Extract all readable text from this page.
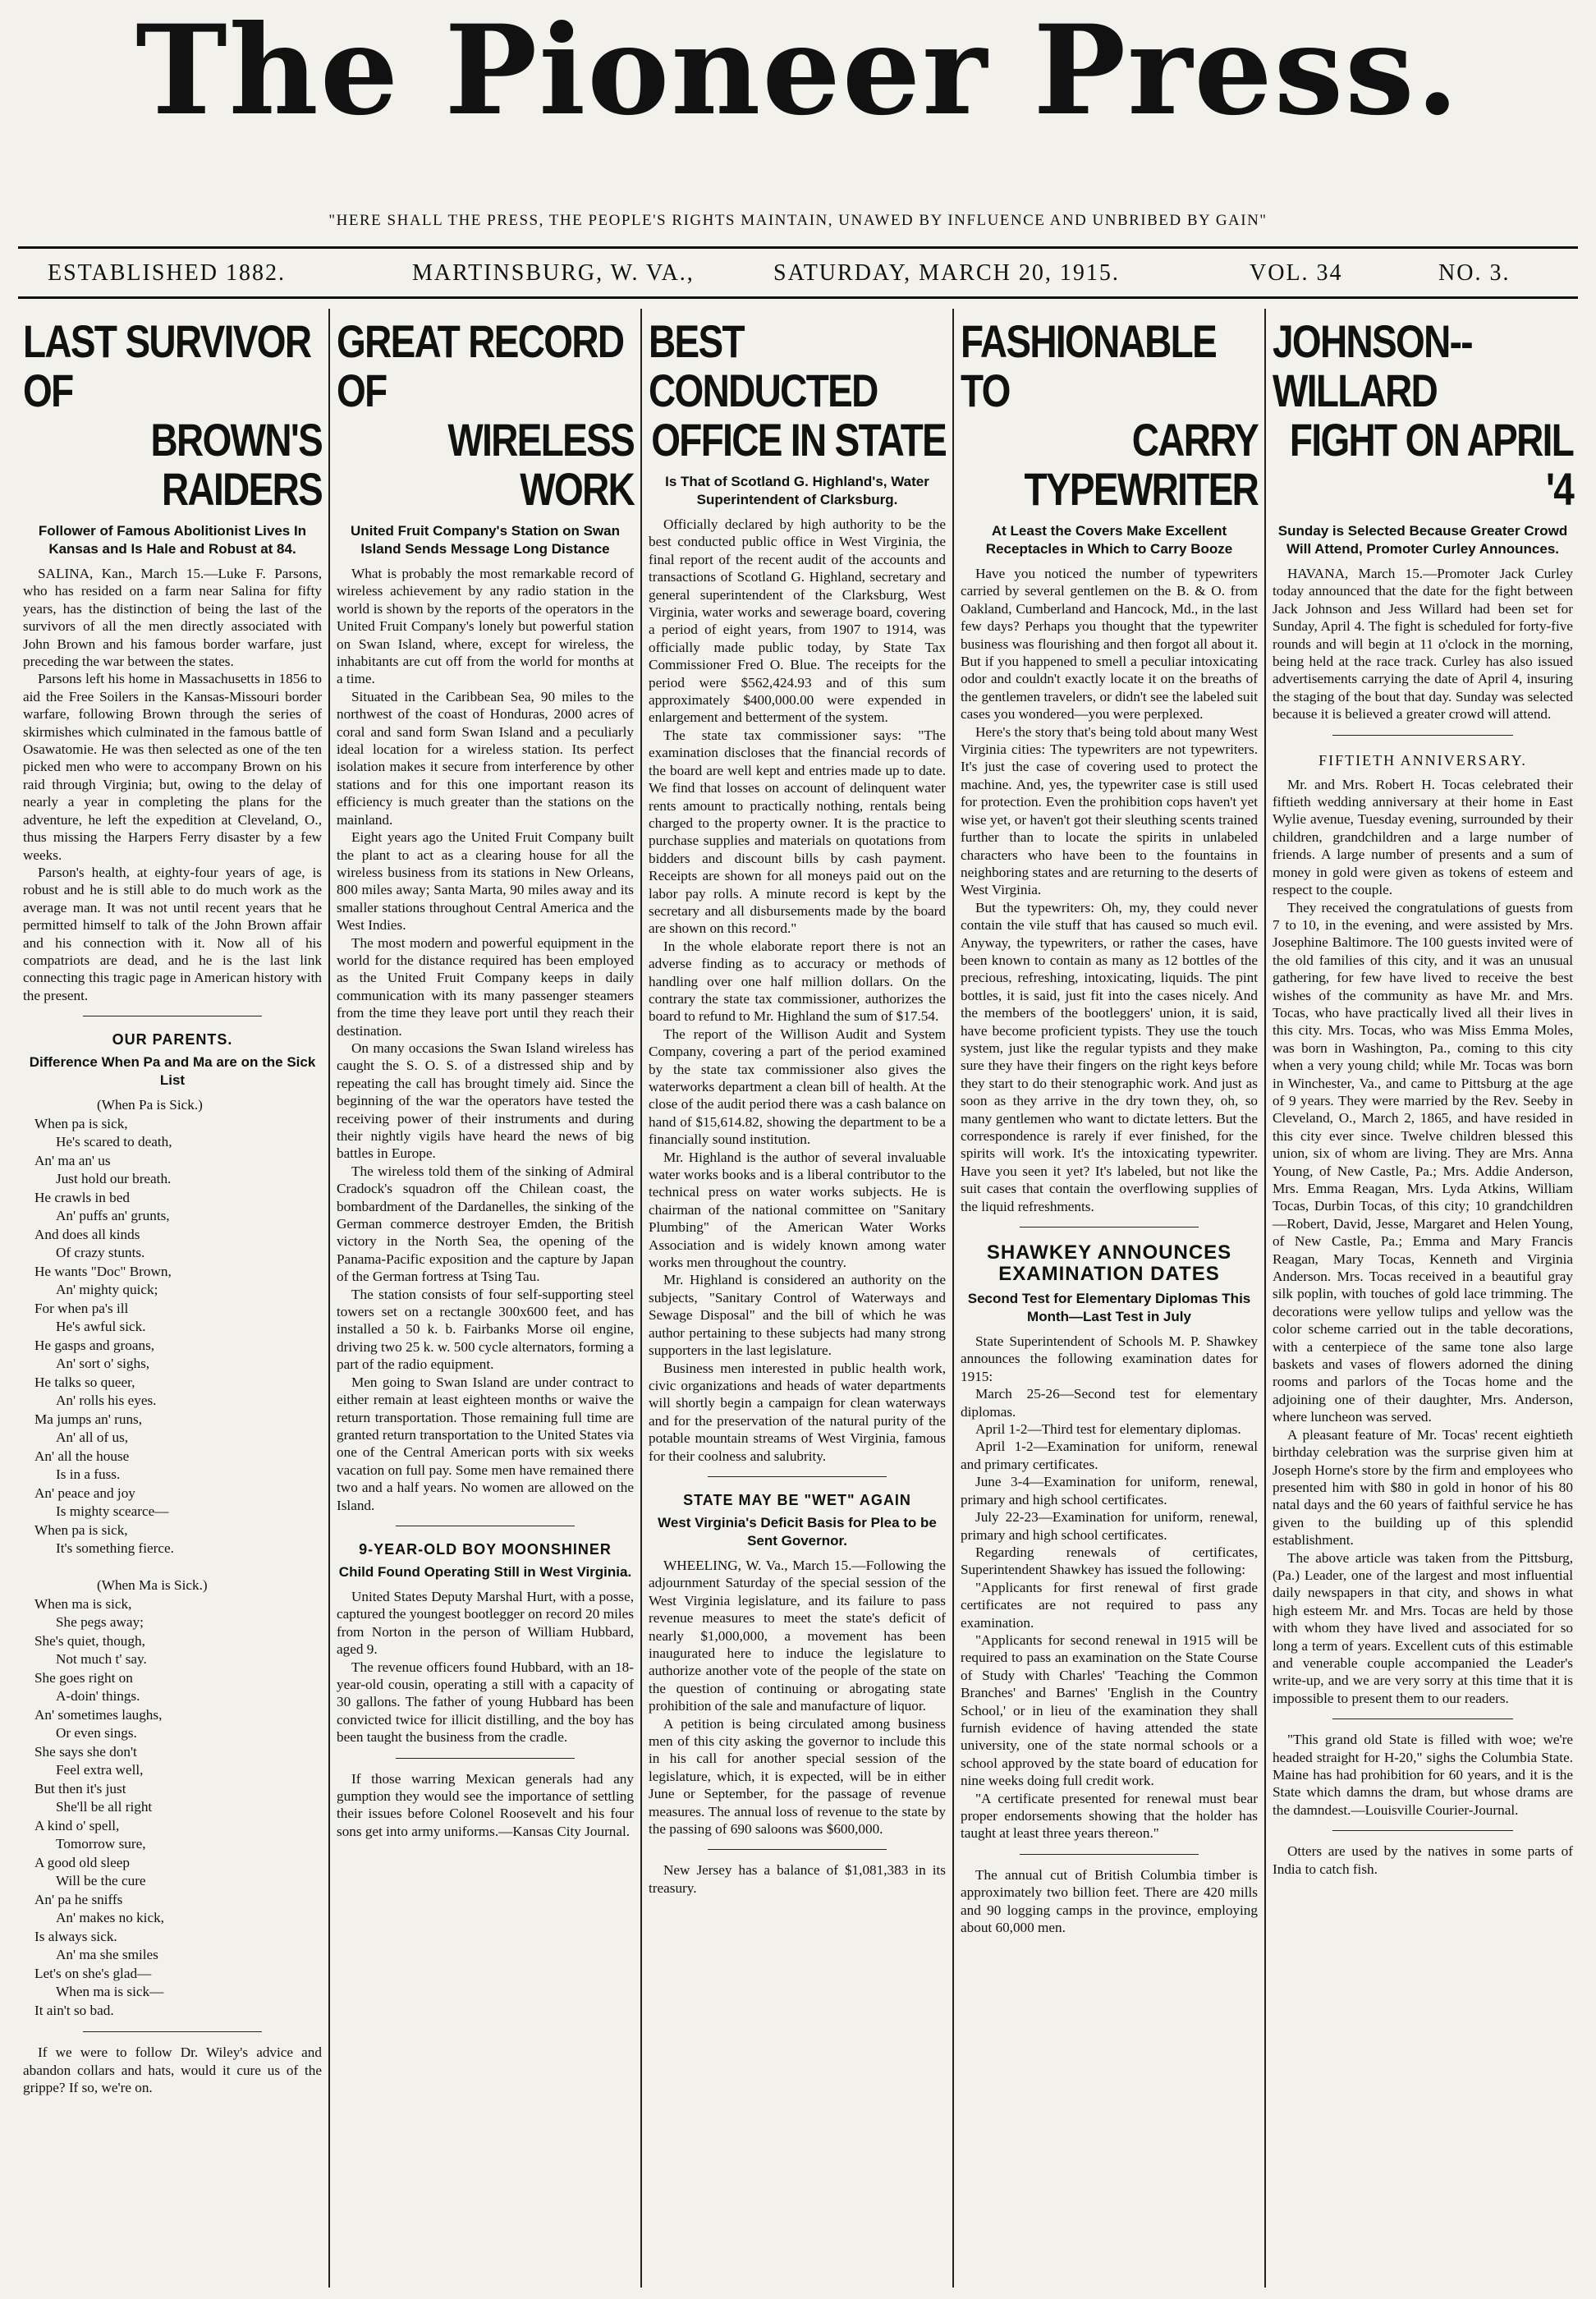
The Pioneer Press.
"HERE SHALL THE PRESS, THE PEOPLE'S RIGHTS MAINTAIN, UNAWED BY INFLUENCE AND UNBRIBED BY GAIN"
ESTABLISHED 1882.	MARTINSBURG, W. VA.,	SATURDAY, MARCH 20, 1915.	VOL. 34	NO. 3.
LAST SURVIVOR OF
BROWN'S RAIDERS
Follower of Famous Abolitionist Lives In Kansas and Is Hale and Robust at 84.

SALINA, Kan., March 15.—Luke F. Parsons, who has resided on a farm near Salina for fifty years, has the distinction of being the last of the survivors of all the men directly associated with John Brown and his famous border warfare, just preceding the war between the states.

Parsons left his home in Massachusetts in 1856 to aid the Free Soilers in the Kansas-Missouri border warfare, following Brown through the series of skirmishes which culminated in the famous battle of Osawatomie. He was then selected as one of the ten picked men who were to accompany Brown on his raid through Virginia; but, owing to the delay of nearly a year in completing the plans for the adventure, he left the expedition at Cleveland, O., thus missing the Harpers Ferry disaster by a few weeks.

Parson's health, at eighty-four years of age, is robust and he is still able to do much work as the average man. It was not until recent years that he permitted himself to talk of the John Brown affair and his connection with it. Now all of his compatriots are dead, and he is the last link connecting this tragic page in American history with the present.

OUR PARENTS.
Difference When Pa and Ma are on the Sick List
(When Pa is Sick.)
When pa is sick,
He's scared to death,
An' ma an' us
Just hold our breath.
He crawls in bed
An' puffs an' grunts,
And does all kinds
Of crazy stunts.
He wants "Doc" Brown,
An' mighty quick;
For when pa's ill
He's awful sick.
He gasps and groans,
An' sort o' sighs,
He talks so queer,
An' rolls his eyes.
Ma jumps an' runs,
An' all of us,
An' all the house
Is in a fuss.
An' peace and joy
Is mighty scearce—
When pa is sick,
It's something fierce.

(When Ma is Sick.)
When ma is sick,
She pegs away;
She's quiet, though,
Not much t' say.
She goes right on
A-doin' things.
An' sometimes laughs,
Or even sings.
She says she don't
Feel extra well,
But then it's just
She'll be all right
A kind o' spell,
Tomorrow sure,
A good old sleep
Will be the cure
An' pa he sniffs
An' makes no kick,
Is always sick.
An' ma she smiles
Let's on she's glad—
When ma is sick—
It ain't so bad.

If we were to follow Dr. Wiley's advice and abandon collars and hats, would it cure us of the grippe? If so, we're on.

GREAT RECORD OF
WIRELESS WORK
United Fruit Company's Station on Swan Island Sends Message Long Distance

What is probably the most remarkable record of wireless achievement by any radio station in the world is shown by the reports of the operators in the United Fruit Company's lonely but powerful station on Swan Island, where, except for wireless, the inhabitants are cut off from the world for months at a time.

Situated in the Caribbean Sea, 90 miles to the northwest of the coast of Honduras, 2000 acres of coral and sand form Swan Island and a peculiarly ideal location for a wireless station. Its perfect isolation makes it secure from interference by other stations and for this one important reason its efficiency is much greater than the stations on the mainland.

Eight years ago the United Fruit Company built the plant to act as a clearing house for all the wireless business from its stations in New Orleans, 800 miles away; Santa Marta, 90 miles away and its smaller stations throughout Central America and the West Indies.

The most modern and powerful equipment in the world for the distance required has been employed as the United Fruit Company keeps in daily communication with its many passenger steamers from the time they leave port until they reach their destination.

On many occasions the Swan Island wireless has caught the S. O. S. of a distressed ship and by repeating the call has brought timely aid. Since the beginning of the war the operators have tested the receiving power of their instruments and during their nightly vigils have heard the news of big battles in Europe.

The wireless told them of the sinking of Admiral Cradock's squadron off the Chilean coast, the bombardment of the Dardanelles, the sinking of the German commerce destroyer Emden, the British victory in the North Sea, the opening of the Panama-Pacific exposition and the capture by Japan of the German fortress at Tsing Tau.

The station consists of four self-supporting steel towers set on a rectangle 300x600 feet, and has installed a 50 k. b. Fairbanks Morse oil engine, driving two 25 k. w. 500 cycle alternators, forming a part of the radio equipment.

Men going to Swan Island are under contract to either remain at least eighteen months or waive the return transportation. Those remaining full time are granted return transportation to the United States via one of the Central American ports with six weeks vacation on full pay. Some men have remained there two and a half years. No women are allowed on the Island.

9-YEAR-OLD BOY MOONSHINER
Child Found Operating Still in West Virginia.

United States Deputy Marshal Hurt, with a posse, captured the youngest bootlegger on record 20 miles from Norton in the person of William Hubbard, aged 9.

The revenue officers found Hubbard, with an 18-year-old cousin, operating a still with a capacity of 30 gallons. The father of young Hubbard has been convicted twice for illicit distilling, and the boy has been taught the business from the cradle.

If those warring Mexican generals had any gumption they would see the importance of settling their issues before Colonel Roosevelt and his four sons get into army uniforms.—Kansas City Journal.

BEST CONDUCTED
OFFICE IN STATE
Is That of Scotland G. Highland's, Water Superintendent of Clarksburg.

Officially declared by high authority to be the best conducted public office in West Virginia, the final report of the recent audit of the accounts and transactions of Scotland G. Highland, secretary and general superintendent of the Clarksburg, West Virginia, water works and sewerage board, covering a period of eight years, from 1907 to 1914, was officially made public today, by State Tax Commissioner Fred O. Blue. The receipts for the period were $562,424.93 and of this sum approximately $400,000.00 were expended in enlargement and betterment of the system.

The state tax commissioner says: "The examination discloses that the financial records of the board are well kept and entries made up to date. We find that losses on account of delinquent water rents amount to practically nothing, rentals being charged to the property owner. It is the practice to purchase supplies and materials on quotations from bidders and discount bills by cash payment. Receipts are shown for all moneys paid out on the labor pay rolls. A minute record is kept by the secretary and all disbursements made by the board are shown on this record."

In the whole elaborate report there is not an adverse finding as to accuracy or methods of handling over one half million dollars. On the contrary the state tax commissioner, authorizes the board to refund to Mr. Highland the sum of $17.54.

The report of the Willison Audit and System Company, covering a part of the period examined by the state tax commissioner also gives the waterworks department a clean bill of health. At the close of the audit period there was a cash balance on hand of $15,614.82, showing the department to be a financially sound institution.

Mr. Highland is the author of several invaluable water works books and is a liberal contributor to the technical press on water works subjects. He is chairman of the national committee on "Sanitary Plumbing" of the American Water Works Association and is widely known among water works men throughout the country.

Mr. Highland is considered an authority on the subjects, "Sanitary Control of Waterways and Sewage Disposal" and the bill of which he was author pertaining to these subjects had many strong supporters in the last legislature.

Business men interested in public health work, civic organizations and heads of water departments will shortly begin a campaign for clean waterways and for the preservation of the natural purity of the potable mountain streams of West Virginia, famous for their coolness and salubrity.

STATE MAY BE "WET" AGAIN
West Virginia's Deficit Basis for Plea to be Sent Governor.

WHEELING, W. Va., March 15.—Following the adjournment Saturday of the special session of the West Virginia legislature, and its failure to pass revenue measures to meet the state's deficit of nearly $1,000,000, a movement has been inaugurated here to induce the legislature to authorize another vote of the people of the state on the question of continuing or abrogating state prohibition of the sale and manufacture of liquor.

A petition is being circulated among business men of this city asking the governor to include this in his call for another special session of the legislature, which, it is expected, will be in either June or September, for the passage of revenue measures. The annual loss of revenue to the state by the passing of 690 saloons was $600,000.

New Jersey has a balance of $1,081,383 in its treasury.

FASHIONABLE TO
CARRY TYPEWRITER
At Least the Covers Make Excellent Receptacles in Which to Carry Booze

Have you noticed the number of typewriters carried by several gentlemen on the B. & O. from Oakland, Cumberland and Hancock, Md., in the last few days? Perhaps you thought that the typewriter business was flourishing and then forgot all about it. But if you happened to smell a peculiar intoxicating odor and couldn't exactly locate it on the breaths of the gentlemen travelers, or didn't see the labeled suit cases you wondered—you were perplexed.

Here's the story that's being told about many West Virginia cities: The typewriters are not typewriters. It's just the case of covering used to protect the machine. And, yes, the typewriter case is still used for protection. Even the prohibition cops haven't yet wise yet, or haven't got their sleuthing scents trained further than to locate the spirits in unlabeled characters who have been to the fountains in neighboring states and are returning to the deserts of West Virginia.

But the typewriters: Oh, my, they could never contain the vile stuff that has caused so much evil. Anyway, the typewriters, or rather the cases, have been known to contain as many as 12 bottles of the precious, refreshing, intoxicating, liquids. The pint bottles, it is said, just fit into the cases nicely. And the members of the bootleggers' union, it is said, have become proficient typists. They use the touch system, just like the regular typists and they make sure they have their fingers on the right keys before they start to do their stenographic work. And just as soon as they arrive in the dry town they, oh, so many gentlemen who want to dictate letters. But the correspondence is rarely if ever finished, for the spirits will work. It's the intoxicating typewriter. Have you seen it yet? It's labeled, but not like the suit cases that contain the overflowing supplies of the liquid refreshments.

SHAWKEY ANNOUNCES EXAMINATION DATES
Second Test for Elementary Diplomas This Month—Last Test in July

State Superintendent of Schools M. P. Shawkey announces the following examination dates for 1915:

March 25-26—Second test for elementary diplomas.

April 1-2—Third test for elementary diplomas.

April 1-2—Examination for uniform, renewal and primary certificates.

June 3-4—Examination for uniform, renewal, primary and high school certificates.

July 22-23—Examination for uniform, renewal, primary and high school certificates.

Regarding renewals of certificates, Superintendent Shawkey has issued the following:

"Applicants for first renewal of first grade certificates are not required to pass any examination.

"Applicants for second renewal in 1915 will be required to pass an examination on the State Course of Study with Charles' 'Teaching the Common Branches' and Barnes' 'English in the Country School,' or in lieu of the examination they shall furnish evidence of having attended the state university, one of the state normal schools or a school approved by the state board of education for nine weeks doing full credit work.

"A certificate presented for renewal must bear proper endorsements showing that the holder has taught at least three years thereon."

The annual cut of British Columbia timber is approximately two billion feet. There are 420 mills and 90 logging camps in the province, employing about 60,000 men.

JOHNSON--WILLARD
FIGHT ON APRIL '4
Sunday is Selected Because Greater Crowd Will Attend, Promoter Curley Announces.

HAVANA, March 15.—Promoter Jack Curley today announced that the date for the fight between Jack Johnson and Jess Willard had been set for Sunday, April 4. The fight is scheduled for forty-five rounds and will begin at 11 o'clock in the morning, being held at the race track. Curley has also issued advertisements carrying the date of April 4, insuring the staging of the bout that day. Sunday was selected because it is believed a greater crowd will attend.

FIFTIETH ANNIVERSARY.

Mr. and Mrs. Robert H. Tocas celebrated their fiftieth wedding anniversary at their home in East Wylie avenue, Tuesday evening, surrounded by their children, grandchildren and a large number of friends. A large number of presents and a sum of money in gold were given as tokens of esteem and respect to the couple.

They received the congratulations of guests from 7 to 10, in the evening, and were assisted by Mrs. Josephine Baltimore. The 100 guests invited were of the old families of this city, and it was an unusual gathering, for few have lived to receive the best wishes of the community as have Mr. and Mrs. Tocas, who have practically lived all their lives in this city. Mrs. Tocas, who was Miss Emma Moles, was born in Washington, Pa., coming to this city when a very young child; while Mr. Tocas was born in Winchester, Va., and came to Pittsburg at the age of 9 years. They were married by the Rev. Seeby in Cleveland, O., March 2, 1865, and have resided in this city ever since. Twelve children blessed this union, six of whom are living. They are Mrs. Anna Young, of New Castle, Pa.; Mrs. Addie Anderson, Mrs. Emma Reagan, Mrs. Lyda Atkins, William Tocas, Durbin Tocas, of this city; 10 grandchildren—Robert, David, Jesse, Margaret and Helen Young, of New Castle, Pa.; Emma and Mary Francis Reagan, Mary Tocas, Kenneth and Virginia Anderson. Mrs. Tocas received in a beautiful gray silk poplin, with touches of gold lace trimming. The decorations were yellow tulips and yellow was the color scheme carried out in the table decorations, with a centerpiece of the same tone also large baskets and vases of flowers adorned the dining rooms and parlors of the Tocas home and the adjoining one of their daughter, Mrs. Anderson, where luncheon was served.

A pleasant feature of Mr. Tocas' recent eightieth birthday celebration was the surprise given him at Joseph Horne's store by the firm and employees who presented him with $80 in gold in honor of his 80 natal days and the 60 years of faithful service he has given to the building up of this splendid establishment.

The above article was taken from the Pittsburg, (Pa.) Leader, one of the largest and most influential daily newspapers in that city, and shows in what high esteem Mr. and Mrs. Tocas are held by those with whom they have lived and associated for so long a term of years. Excellent cuts of this estimable and venerable couple accompanied the Leader's write-up, and we are very sorry at this time that it is impossible to present them to our readers.

"This grand old State is filled with woe; we're headed straight for H-20," sighs the Columbia State. Maine has had prohibition for 60 years, and it is the State which damns the dram, but whose drams are the damndest.—Louisville Courier-Journal.

Otters are used by the natives in some parts of India to catch fish.
